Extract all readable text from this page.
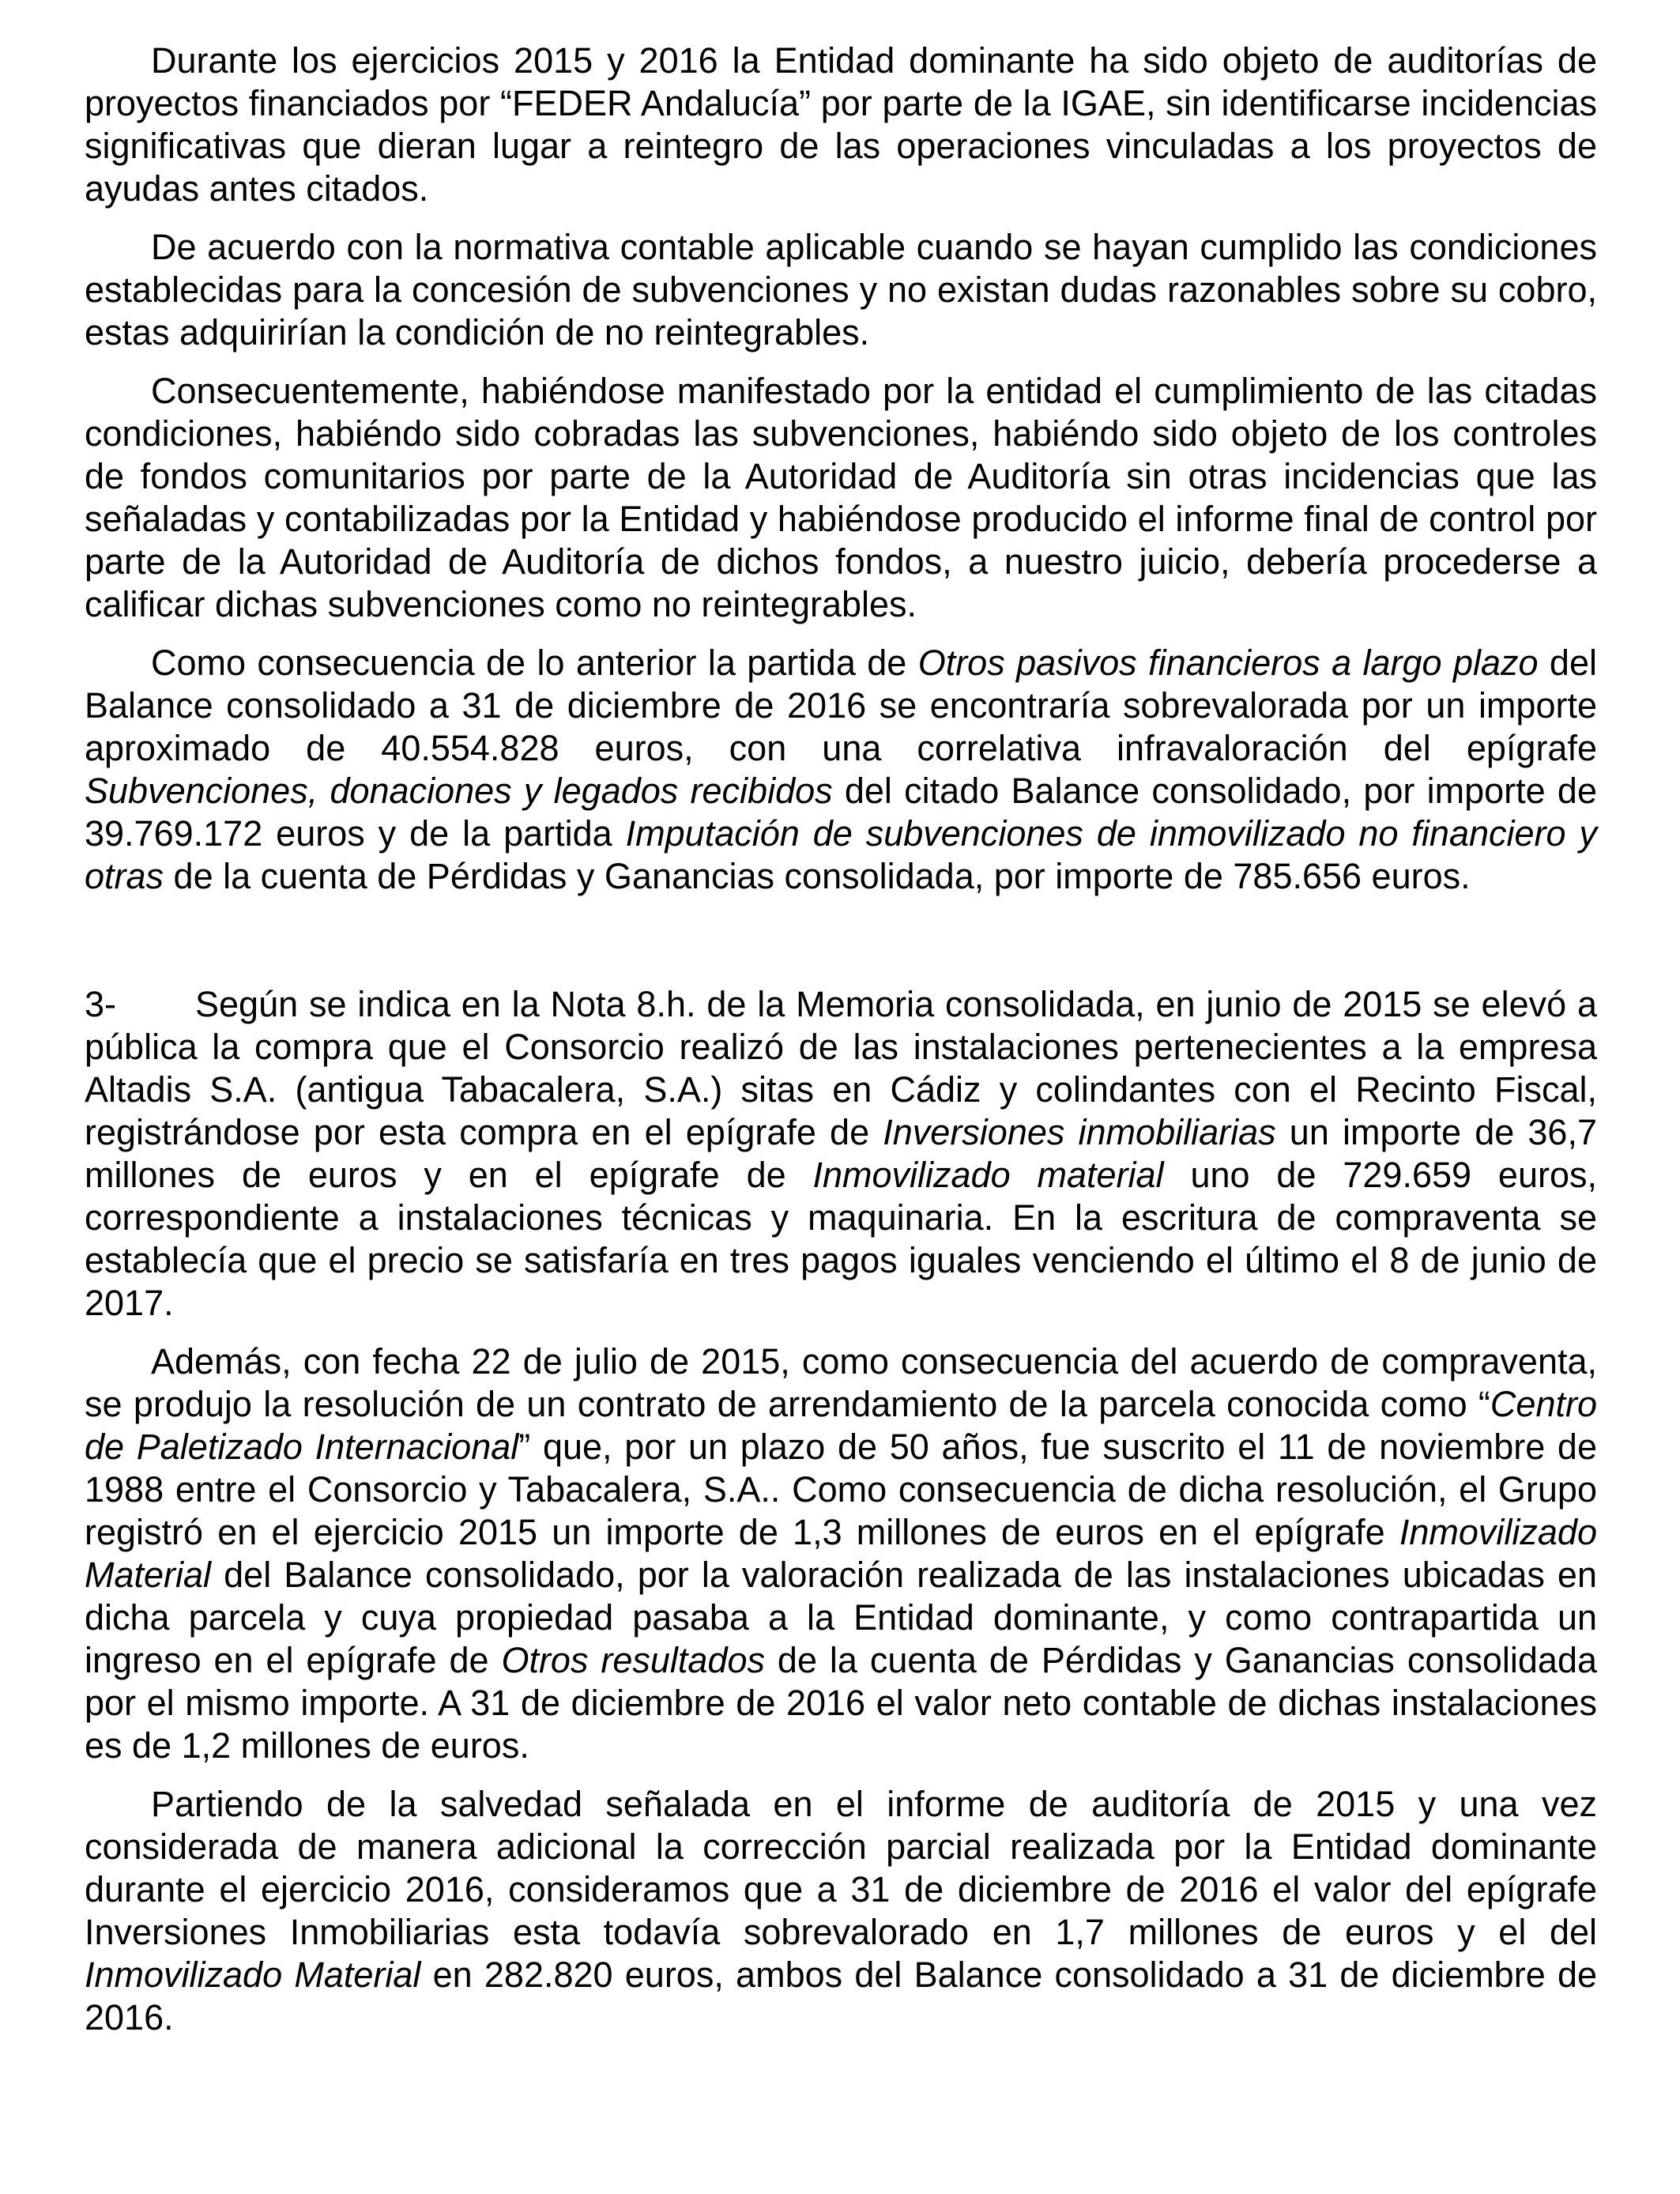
Durante los ejercicios 2015 y 2016 la Entidad dominante ha sido objeto de auditorías de proyectos financiados por “FEDER Andalucía” por parte de la IGAE, sin identificarse incidencias significativas que dieran lugar a reintegro de las operaciones vinculadas a los proyectos de ayudas antes citados.

De acuerdo con la normativa contable aplicable cuando se hayan cumplido las condiciones establecidas para la concesión de subvenciones y no existan dudas razonables sobre su cobro, estas adquirirían la condición de no reintegrables.

Consecuentemente, habiéndose manifestado por la entidad el cumplimiento de las citadas condiciones, habiéndo sido cobradas las subvenciones, habiéndo sido objeto de los controles de fondos comunitarios por parte de la Autoridad de Auditoría sin otras incidencias que las señaladas y contabilizadas por la Entidad y habiéndose producido el informe final de control por parte de la Autoridad de Auditoría de dichos fondos, a nuestro juicio, debería procederse a calificar dichas subvenciones como no reintegrables.

Como consecuencia de lo anterior la partida de Otros pasivos financieros a largo plazo del Balance consolidado a 31 de diciembre de 2016 se encontraría sobrevalorada por un importe aproximado de 40.554.828 euros, con una correlativa infravaloración del epígrafe Subvenciones, donaciones y legados recibidos del citado Balance consolidado, por importe de 39.769.172 euros y de la partida Imputación de subvenciones de inmovilizado no financiero y otras de la cuenta de Pérdidas y Ganancias consolidada, por importe de 785.656 euros.

3- Según se indica en la Nota 8.h. de la Memoria consolidada, en junio de 2015 se elevó a pública la compra que el Consorcio realizó de las instalaciones pertenecientes a la empresa Altadis S.A. (antigua Tabacalera, S.A.) sitas en Cádiz y colindantes con el Recinto Fiscal, registrándose por esta compra en el epígrafe de Inversiones inmobiliarias un importe de 36,7 millones de euros y en el epígrafe de Inmovilizado material uno de 729.659 euros, correspondiente a instalaciones técnicas y maquinaria. En la escritura de compraventa se establecía que el precio se satisfaría en tres pagos iguales venciendo el último el 8 de junio de 2017.

Además, con fecha 22 de julio de 2015, como consecuencia del acuerdo de compraventa, se produjo la resolución de un contrato de arrendamiento de la parcela conocida como “Centro de Paletizado Internacional” que, por un plazo de 50 años, fue suscrito el 11 de noviembre de 1988 entre el Consorcio y Tabacalera, S.A.. Como consecuencia de dicha resolución, el Grupo registró en el ejercicio 2015 un importe de 1,3 millones de euros en el epígrafe Inmovilizado Material del Balance consolidado, por la valoración realizada de las instalaciones ubicadas en dicha parcela y cuya propiedad pasaba a la Entidad dominante, y como contrapartida un ingreso en el epígrafe de Otros resultados de la cuenta de Pérdidas y Ganancias consolidada por el mismo importe. A 31 de diciembre de 2016 el valor neto contable de dichas instalaciones es de 1,2 millones de euros.

Partiendo de la salvedad señalada en el informe de auditoría de 2015 y una vez considerada de manera adicional la corrección parcial realizada por la Entidad dominante durante el ejercicio 2016, consideramos que a 31 de diciembre de 2016 el valor del epígrafe Inversiones Inmobiliarias esta todavía sobrevalorado en 1,7 millones de euros y el del Inmovilizado Material en 282.820 euros, ambos del Balance consolidado a 31 de diciembre de 2016.
